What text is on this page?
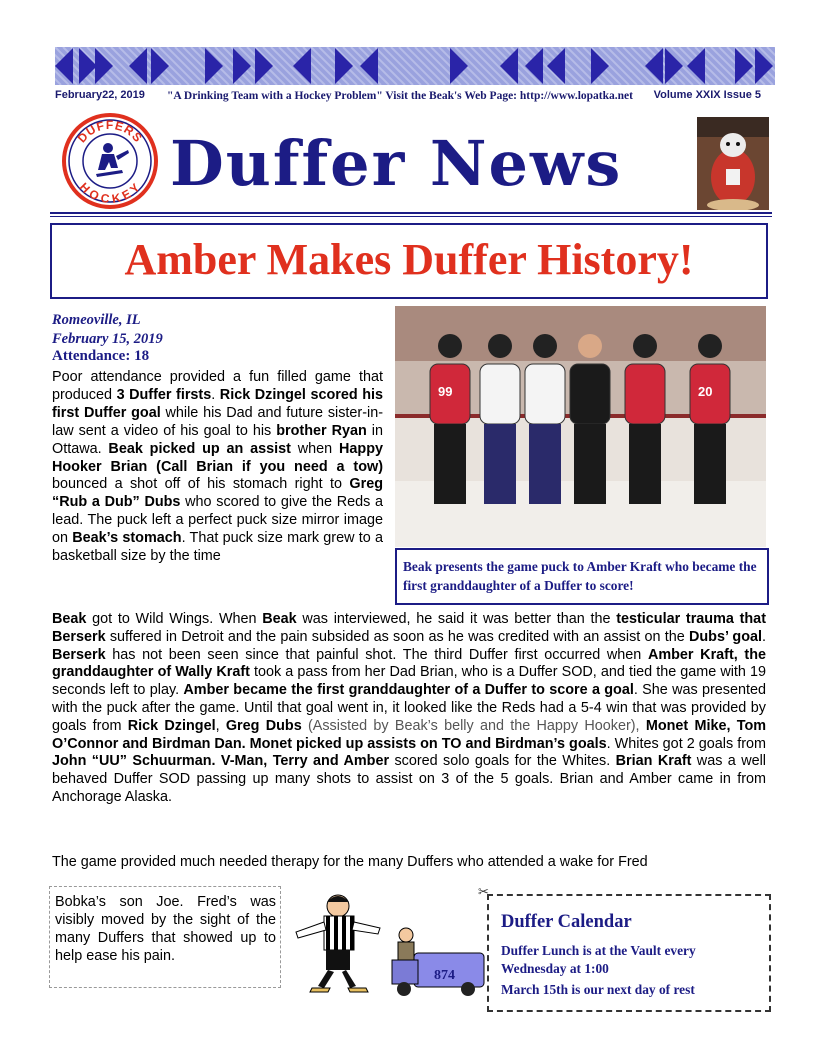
February22, 2019 "A Drinking Team with a Hockey Problem" Visit the Beak's Web Page: http://www.lopatka.net Volume XXIX Issue 5
DUFFERS
HOCKEY Duffer News
Amber Makes Duffer History!
Romeoville, IL
February 15, 2019
Attendance: 18
Poor attendance provided a fun filled game that produced 3 Duffer firsts. Rick Dzingel scored his first Duffer goal while his Dad and future sister-in-law sent a video of his goal to his brother Ryan in Ottawa. Beak picked up an assist when Happy Hooker Brian (Call Brian if you need a tow) bounced a shot off of his stomach right to Greg “Rub a Dub” Dubs who scored to give the Reds a lead. The puck left a perfect puck size mirror image on Beak’s stomach. That puck size mark grew to a basketball size by the time
99	20
Beak presents the game puck to Amber Kraft who became the first granddaughter of a Duffer to score!
Beak got to Wild Wings. When Beak was interviewed, he said it was better than the testicular trauma that Berserk suffered in Detroit and the pain subsided as soon as he was credited with an assist on the Dubs’ goal. Berserk has not been seen since that painful shot. The third Duffer first occurred when Amber Kraft, the granddaughter of Wally Kraft took a pass from her Dad Brian, who is a Duffer SOD, and tied the game with 19 seconds left to play. Amber became the first granddaughter of a Duffer to score a goal. She was presented with the puck after the game. Until that goal went in, it looked like the Reds had a 5-4 win that was provided by goals from Rick Dzingel, Greg Dubs (Assisted by Beak’s belly and the Happy Hooker), Monet Mike, Tom O’Connor and Birdman Dan. Monet picked up assists on TO and Birdman’s goals. Whites got 2 goals from John “UU” Schuurman. V-Man, Terry and Amber scored solo goals for the Whites. Brian Kraft was a well behaved Duffer SOD passing up many shots to assist on 3 of the 5 goals. Brian and Amber came in from Anchorage Alaska.
The game provided much needed therapy for the many Duffers who attended a wake for Fred
Bobka’s son Joe. Fred’s was visibly moved by the sight of the many Duffers that showed up to help ease his pain.
874
✂
Duffer Calendar
Duffer Lunch is at the Vault every Wednesday at 1:00
March 15th is our next day of rest
